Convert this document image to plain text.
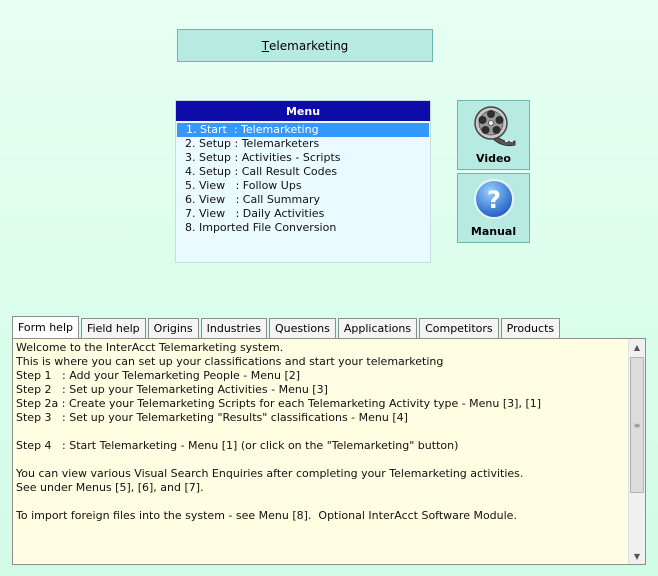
T elemarketing
Menu
1. Start  : Telemarketing
2. Setup : Telemarketers
3. Setup : Activities - Scripts
4. Setup : Call Result Codes
5. View   : Follow Ups
6. View   : Call Summary
7. View   : Daily Activities
8. Imported File Conversion
Video
?
Manual
Form help	Field help	Origins	Industries	Questions	Applications	Competitors	Products
Welcome to the InterAcct Telemarketing system.
This is where you can set up your classifications and start your telemarketing
Step 1   : Add your Telemarketing People - Menu [2]
Step 2   : Set up your Telemarketing Activities - Menu [3]
Step 2a : Create your Telemarketing Scripts for each Telemarketing Activity type - Menu [3], [1]
Step 3   : Set up your Telemarketing "Results" classifications - Menu [4]

Step 4   : Start Telemarketing - Menu [1] (or click on the "Telemarketing" button)

You can view various Visual Search Enquiries after completing your Telemarketing activities.
See under Menus [5], [6], and [7].

To import foreign files into the system - see Menu [8].  Optional InterAcct Software Module.
▲
≡
▼
